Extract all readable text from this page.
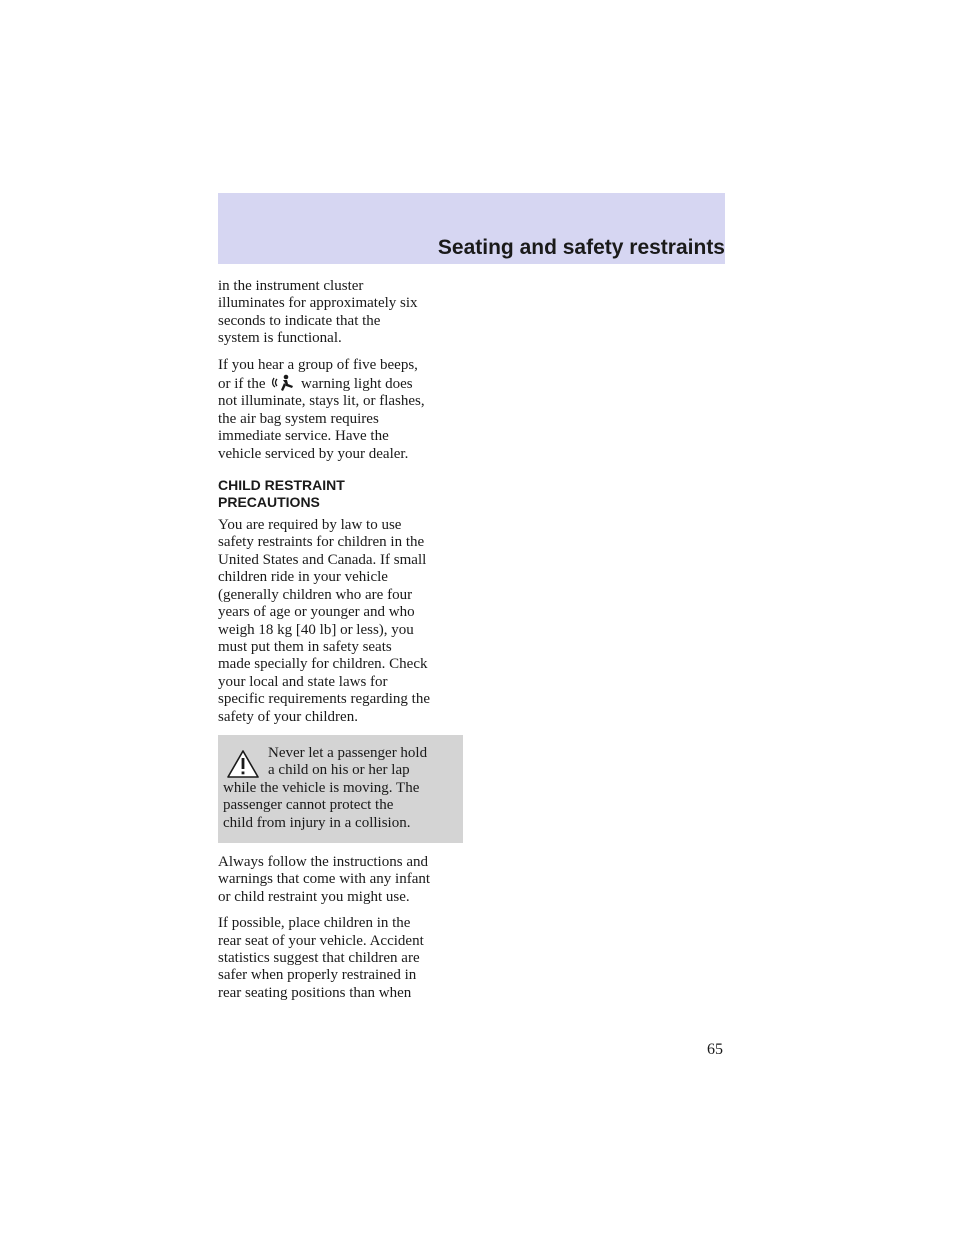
Seating and safety restraints
in the instrument cluster
illuminates for approximately six
seconds to indicate that the
system is functional.
If you hear a group of five beeps,
or if the warning light does
not illuminate, stays lit, or flashes,
the air bag system requires
immediate service. Have the
vehicle serviced by your dealer.
CHILD RESTRAINT
PRECAUTIONS
You are required by law to use
safety restraints for children in the
United States and Canada. If small
children ride in your vehicle
(generally children who are four
years of age or younger and who
weigh 18 kg [40 lb] or less), you
must put them in safety seats
made specially for children. Check
your local and state laws for
specific requirements regarding the
safety of your children.
Never let a passenger hold
a child on his or her lap
while the vehicle is moving. The
passenger cannot protect the
child from injury in a collision.
Always follow the instructions and
warnings that come with any infant
or child restraint you might use.
If possible, place children in the
rear seat of your vehicle. Accident
statistics suggest that children are
safer when properly restrained in
rear seating positions than when
65
